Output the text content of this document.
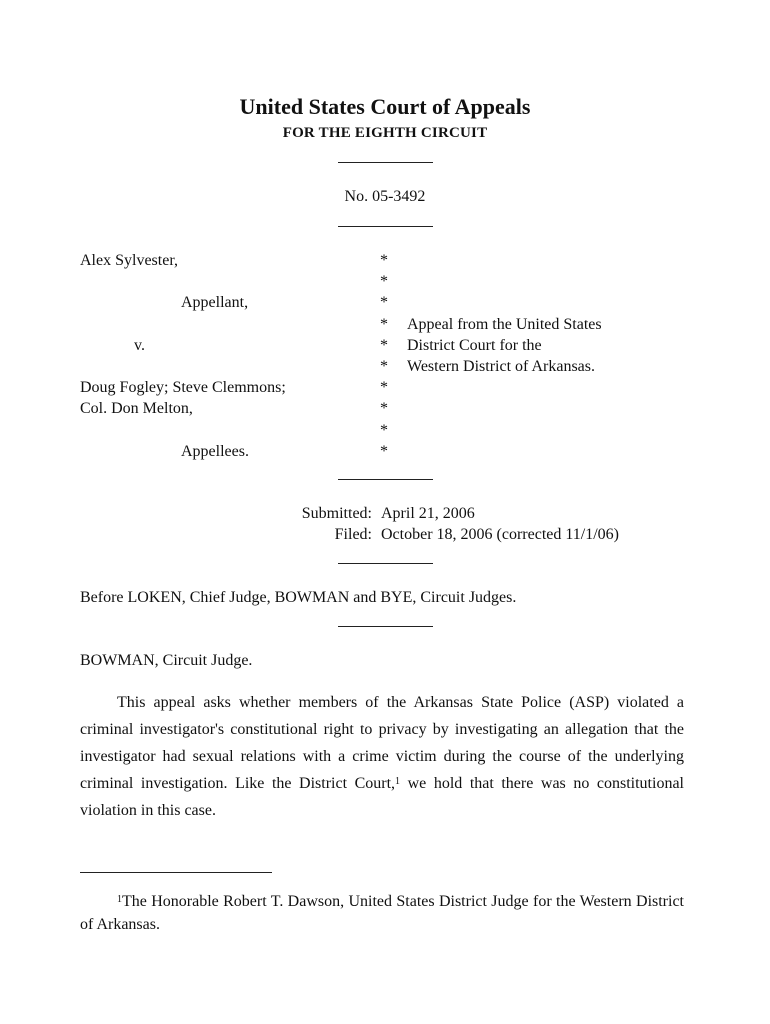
United States Court of Appeals
FOR THE EIGHTH CIRCUIT
No. 05-3492
Alex Sylvester,
Appellant,
v.
Doug Fogley; Steve Clemmons;
Col. Don Melton,
Appellees.
*
*
*
*
*
*
*
*
*
*
Appeal from the United States
District Court for the
Western District of Arkansas.
Submitted: April 21, 2006
Filed: October 18, 2006 (corrected 11/1/06)
Before LOKEN, Chief Judge, BOWMAN and BYE, Circuit Judges.
BOWMAN, Circuit Judge.

This appeal asks whether members of the Arkansas State Police (ASP) violated a criminal investigator's constitutional right to privacy by investigating an allegation that the investigator had sexual relations with a crime victim during the course of the underlying criminal investigation. Like the District Court,$^1$ we hold that there was no constitutional violation in this case.

$^1$The Honorable Robert T. Dawson, United States District Judge for the Western District of Arkansas.
